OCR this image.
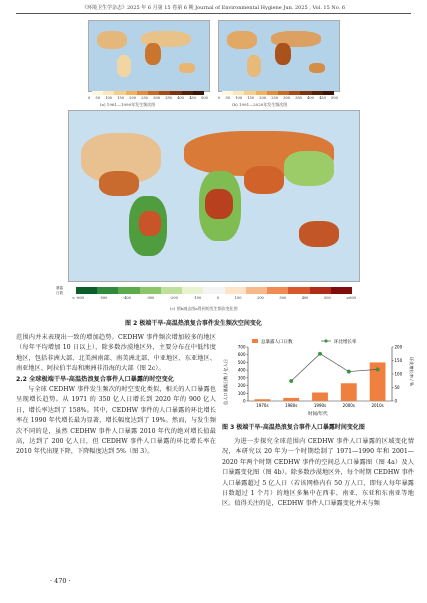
《环境卫生学杂志》2025 年 6 月第 15 卷第 6 期 Journal of Environmental Hygiene Jun. 2025 , Vol. 15 No. 6
0 50 100 150 200 250 300 350 400 450 500
(a) 1961—1990年发生频次图
0 50 100 150 200 250 300 350 400 450 500
(b) 1991—2020年发生频次图
暴露
日数
< -600	-500	-400	-300	-200	-100	0	100	200	300	400	500	≥600
(c) 图b减去图a得到的发生频次变化图
图 2 极端干旱-高温热浪复合事件发生频次空间变化

范围内并未表现出一致的增加趋势。CEDHW 事件频次增加较多的地区（每年平均增加 10 日以上），除多数沙漠地区外，主要分布在中低纬度地区，包括非洲大部、北美洲南部、南美洲北部、中亚地区、东亚地区、南亚地区、阿拉伯半岛和澳洲非沿海的大部（图 2c）。

2.2 全球极端干旱-高温热浪复合事件人口暴露的时空变化

与全球 CEDHW 事件发生频次的时空变化类似，相关的人口暴露也呈现增长趋势。从 1971 的 350 亿人日增长到 2020 年的 900 亿人日，增长率达到了 158%。其中，CEDHW 事件的人口暴露的环比增长率在 1990 年代增长最为显著，增长幅度达到了 19%。然而，与发生频次不同的是，虽然 CEDHW 事件人口暴露 2010 年代的绝对增长值最高，达到了 200 亿人日，但 CEDHW 事件人口暴露的环比增长率在 2010 年代出现下降，下降幅度达到 5%（图 3）。

总暴露人口日数	环比增长率
0
100
200
300
400
500
600
700
0
50
100
150
200
1970s	1980s	1990s	2000s	2010s
总人口暴露日数 / 亿人日	环比增长率 / %
时间/年代
图 3 极端干旱-高温热浪复合事件人口暴露时间变化图

为进一步探究全球范围内 CEDHW 事件人口暴露的区域变化情况，本研究以 20 年为一个时期绘制了 1971—1990 年和 2001—2020 年两个时期 CEDHW 事件的空间总人口暴露图（图 4a）及人口暴露变化图（图 4b）。除多数沙漠地区外，每个时期 CEDHW 事件人口暴露超过 5 亿人日（若该网格内有 50 万人口，即每人每年暴露日数超过 1 个月）的地区多集中在西非、南亚、东亚和东南亚等地区。值得关注的是，CEDHW 事件人口暴露变化并未与频

· 470 ·
